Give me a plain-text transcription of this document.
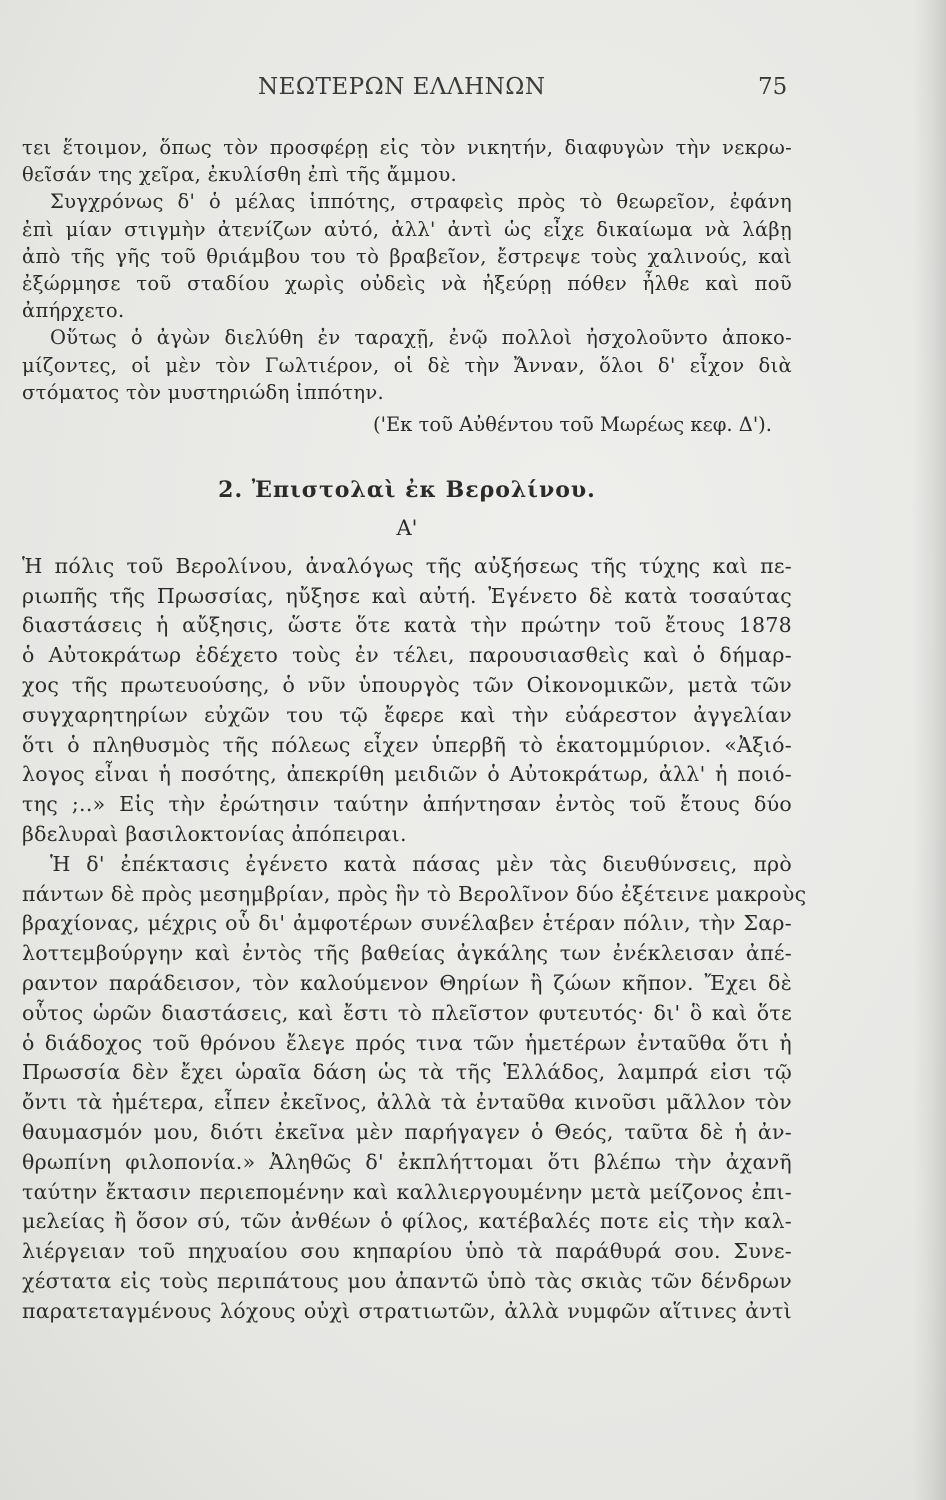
ΝΕΩΤΕΡΩΝ ΕΛΛΗΝΩΝ	75
τει ἕτοιμον, ὅπως τὸν προσφέρῃ εἰς τὸν νικητήν, διαφυγὼν τὴν νεκρω-
θεῖσάν της χεῖρα, ἐκυλίσθη ἐπὶ τῆς ἄμμου.
Συγχρόνως δ' ὁ μέλας ἱππότης, στραφεὶς πρὸς τὸ θεωρεῖον, ἐφάνη
ἐπὶ μίαν στιγμὴν ἀτενίζων αὐτό, ἀλλ' ἀντὶ ὡς εἶχε δικαίωμα νὰ λάβῃ
ἀπὸ τῆς γῆς τοῦ θριάμβου του τὸ βραβεῖον, ἔστρεψε τοὺς χαλινούς, καὶ
ἐξώρμησε τοῦ σταδίου χωρὶς οὐδεὶς νὰ ἠξεύρῃ πόθεν ἦλθε καὶ ποῦ
ἀπήρχετο.
Οὕτως ὁ ἀγὼν διελύθη ἐν ταραχῇ, ἐνῷ πολλοὶ ἠσχολοῦντο ἀποκο-
μίζοντες, οἱ μὲν τὸν Γωλτιέρον, οἱ δὲ τὴν Ἄνναν, ὅλοι δ' εἶχον διὰ
στόματος τὸν μυστηριώδη ἱππότην.
('Εκ τοῦ Αὐθέντου τοῦ Μωρέως κεφ. Δ').
2. Ἐπιστολαὶ ἐκ Βερολίνου.
Α'
Ἡ πόλις τοῦ Βερολίνου, ἀναλόγως τῆς αὐξήσεως τῆς τύχης καὶ πε-
ριωπῆς τῆς Πρωσσίας, ηὔξησε καὶ αὐτή. Ἐγένετο δὲ κατὰ τοσαύτας
διαστάσεις ἡ αὔξησις, ὥστε ὅτε κατὰ τὴν πρώτην τοῦ ἔτους 1878
ὁ Αὐτοκράτωρ ἐδέχετο τοὺς ἐν τέλει, παρουσιασθεὶς καὶ ὁ δήμαρ-
χος τῆς πρωτευούσης, ὁ νῦν ὑπουργὸς τῶν Οἰκονομικῶν, μετὰ τῶν
συγχαρητηρίων εὐχῶν του τῷ ἔφερε καὶ τὴν εὐάρεστον ἀγγελίαν
ὅτι ὁ πληθυσμὸς τῆς πόλεως εἶχεν ὑπερβῆ τὸ ἑκατομμύριον. «Ἀξιό-
λογος εἶναι ἡ ποσότης, ἀπεκρίθη μειδιῶν ὁ Αὐτοκράτωρ, ἀλλ' ἡ ποιό-
της ;..» Εἰς τὴν ἐρώτησιν ταύτην ἀπήντησαν ἐντὸς τοῦ ἔτους δύο
βδελυραὶ βασιλοκτονίας ἀπόπειραι.
Ἡ δ' ἐπέκτασις ἐγένετο κατὰ πάσας μὲν τὰς διευθύνσεις, πρὸ
πάντων δὲ πρὸς μεσημβρίαν, πρὸς ἣν τὸ Βερολῖνον δύο ἐξέτεινε μακροὺς
βραχίονας, μέχρις οὗ δι' ἀμφοτέρων συνέλαβεν ἑτέραν πόλιν, τὴν Σαρ-
λοττεμβούργην καὶ ἐντὸς τῆς βαθείας ἀγκάλης των ἐνέκλεισαν ἀπέ-
ραντον παράδεισον, τὸν καλούμενον Θηρίων ἢ ζώων κῆπον. Ἔχει δὲ
οὗτος ὡρῶν διαστάσεις, καὶ ἔστι τὸ πλεῖστον φυτευτός· δι' ὃ καὶ ὅτε
ὁ διάδοχος τοῦ θρόνου ἔλεγε πρός τινα τῶν ἡμετέρων ἐνταῦθα ὅτι ἡ
Πρωσσία δὲν ἔχει ὡραῖα δάση ὡς τὰ τῆς Ἑλλάδος, λαμπρά εἰσι τῷ
ὄντι τὰ ἡμέτερα, εἶπεν ἐκεῖνος, ἀλλὰ τὰ ἐνταῦθα κινοῦσι μᾶλλον τὸν
θαυμασμόν μου, διότι ἐκεῖνα μὲν παρήγαγεν ὁ Θεός, ταῦτα δὲ ἡ ἀν-
θρωπίνη φιλοπονία.» Ἀληθῶς δ' ἐκπλήττομαι ὅτι βλέπω τὴν ἀχανῆ
ταύτην ἔκτασιν περιεπομένην καὶ καλλιεργουμένην μετὰ μείζονος ἐπι-
μελείας ἢ ὅσον σύ, τῶν ἀνθέων ὁ φίλος, κατέβαλές ποτε εἰς τὴν καλ-
λιέργειαν τοῦ πηχυαίου σου κηπαρίου ὑπὸ τὰ παράθυρά σου. Συνε-
χέστατα εἰς τοὺς περιπάτους μου ἀπαντῶ ὑπὸ τὰς σκιὰς τῶν δένδρων
παρατεταγμένους λόχους οὐχὶ στρατιωτῶν, ἀλλὰ νυμφῶν αἵτινες ἀντὶ
